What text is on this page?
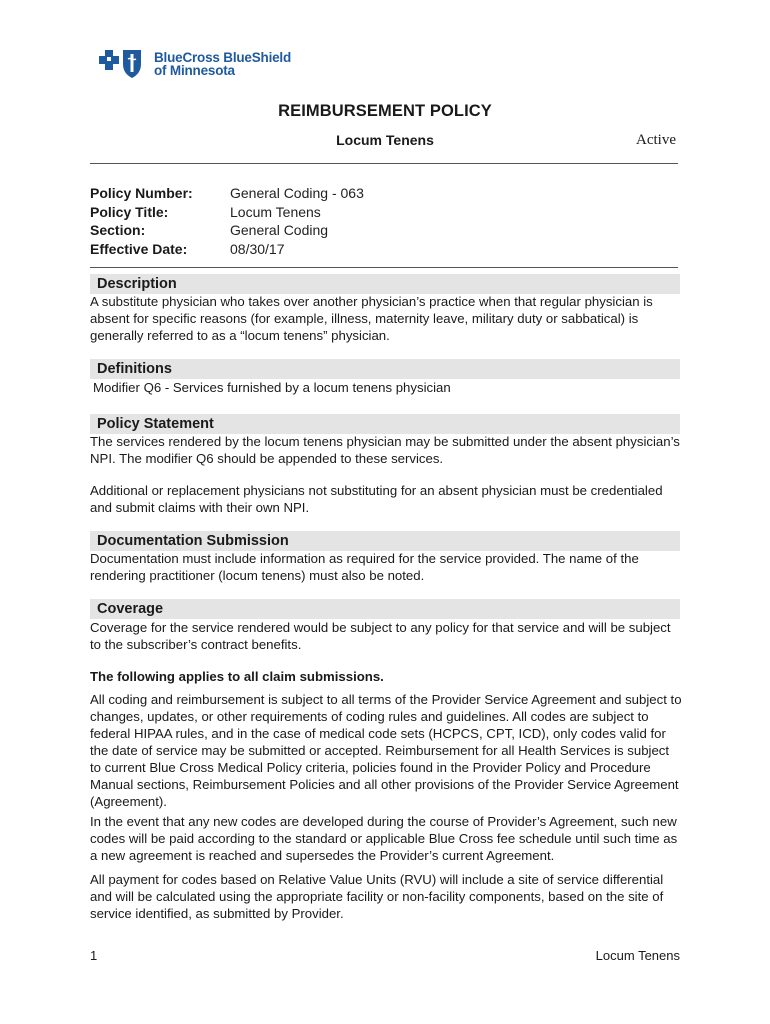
BlueCross BlueShield
of Minnesota
REIMBURSEMENT POLICY
Locum Tenens	Active
Policy Number:	General Coding - 063
Policy Title:	Locum Tenens
Section:	General Coding
Effective Date:	08/30/17
Description
A substitute physician who takes over another physician’s practice when that regular physician is absent for specific reasons (for example, illness, maternity leave, military duty or sabbatical) is generally referred to as a “locum tenens” physician.
Definitions
Modifier Q6 - Services furnished by a locum tenens physician
Policy Statement
The services rendered by the locum tenens physician may be submitted under the absent physician’s NPI. The modifier Q6 should be appended to these services.
Additional or replacement physicians not substituting for an absent physician must be credentialed and submit claims with their own NPI.
Documentation Submission
Documentation must include information as required for the service provided. The name of the rendering practitioner (locum tenens) must also be noted.
Coverage
Coverage for the service rendered would be subject to any policy for that service and will be subject to the subscriber’s contract benefits.
The following applies to all claim submissions.
All coding and reimbursement is subject to all terms of the Provider Service Agreement and subject to changes, updates, or other requirements of coding rules and guidelines. All codes are subject to federal HIPAA rules, and in the case of medical code sets (HCPCS, CPT, ICD), only codes valid for the date of service may be submitted or accepted. Reimbursement for all Health Services is subject to current Blue Cross Medical Policy criteria, policies found in the Provider Policy and Procedure Manual sections, Reimbursement Policies and all other provisions of the Provider Service Agreement (Agreement).
In the event that any new codes are developed during the course of Provider’s Agreement, such new codes will be paid according to the standard or applicable Blue Cross fee schedule until such time as a new agreement is reached and supersedes the Provider’s current Agreement.
All payment for codes based on Relative Value Units (RVU) will include a site of service differential and will be calculated using the appropriate facility or non-facility components, based on the site of service identified, as submitted by Provider.
1	Locum Tenens
